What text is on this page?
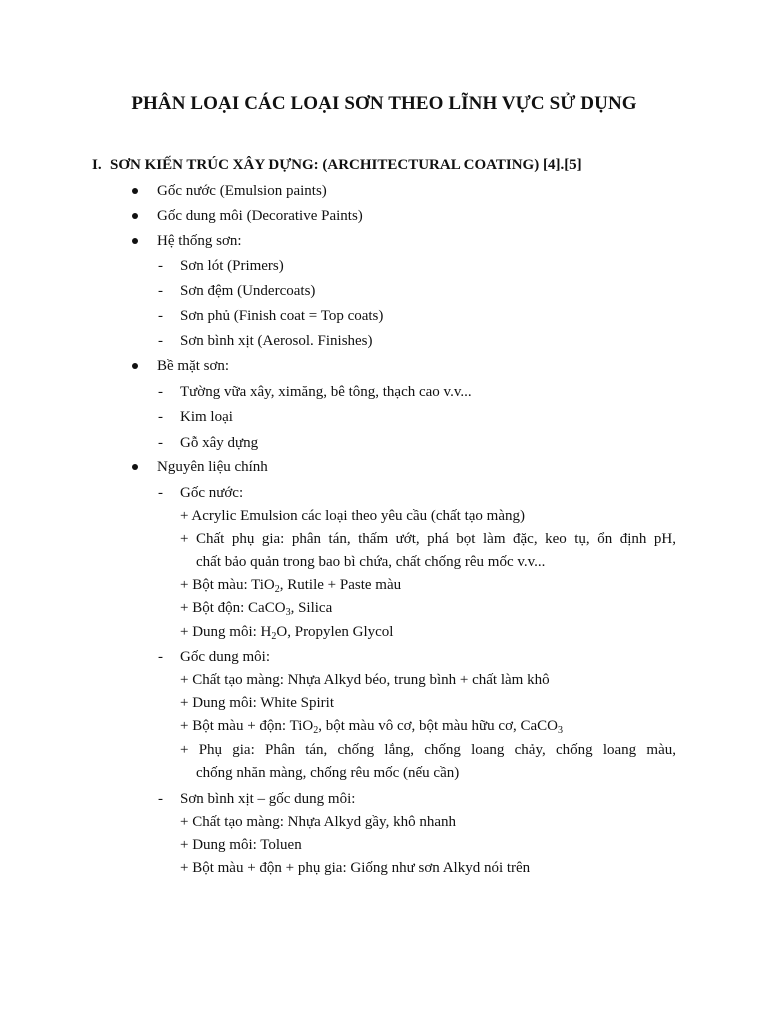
PHÂN LOẠI CÁC LOẠI SƠN THEO LĨNH VỰC SỬ DỤNG
I. SƠN KIẾN TRÚC XÂY DỰNG: (ARCHITECTURAL COATING) [4].[5]
Gốc nước (Emulsion paints)
Gốc dung môi (Decorative Paints)
Hệ thống sơn:
- Sơn lót (Primers)
- Sơn đệm (Undercoats)
- Sơn phủ (Finish coat = Top coats)
- Sơn bình xịt (Aerosol. Finishes)
Bề mặt sơn:
- Tường vữa xây, ximăng, bê tông, thạch cao v.v...
- Kim loại
- Gỗ xây dựng
Nguyên liệu chính
- Gốc nước:
+ Acrylic Emulsion các loại theo yêu cầu (chất tạo màng)
+ Chất phụ gia: phân tán, thấm ướt, phá bọt làm đặc, keo tụ, ổn định pH,
chất bảo quản trong bao bì chứa, chất chống rêu mốc v.v...
+ Bột màu: TiO$_2$, Rutile + Paste màu
+ Bột độn: CaCO$_3$, Silica
+ Dung môi: $H_2O$, Propylen Glycol
- Gốc dung môi:
+ Chất tạo màng: Nhựa Alkyd béo, trung bình + chất làm khô
+ Dung môi: White Spirit
+ Bột màu + độn: TiO$_2$, bột màu vô cơ, bột màu hữu cơ, CaCO$_3$
+ Phụ gia: Phân tán, chống lắng, chống loang chảy, chống loang màu,
chống nhăn màng, chống rêu mốc (nếu cần)
- Sơn bình xịt – gốc dung môi:
+ Chất tạo màng: Nhựa Alkyd gầy, khô nhanh
+ Dung môi: Toluen
+ Bột màu + độn + phụ gia: Giống như sơn Alkyd nói trên
